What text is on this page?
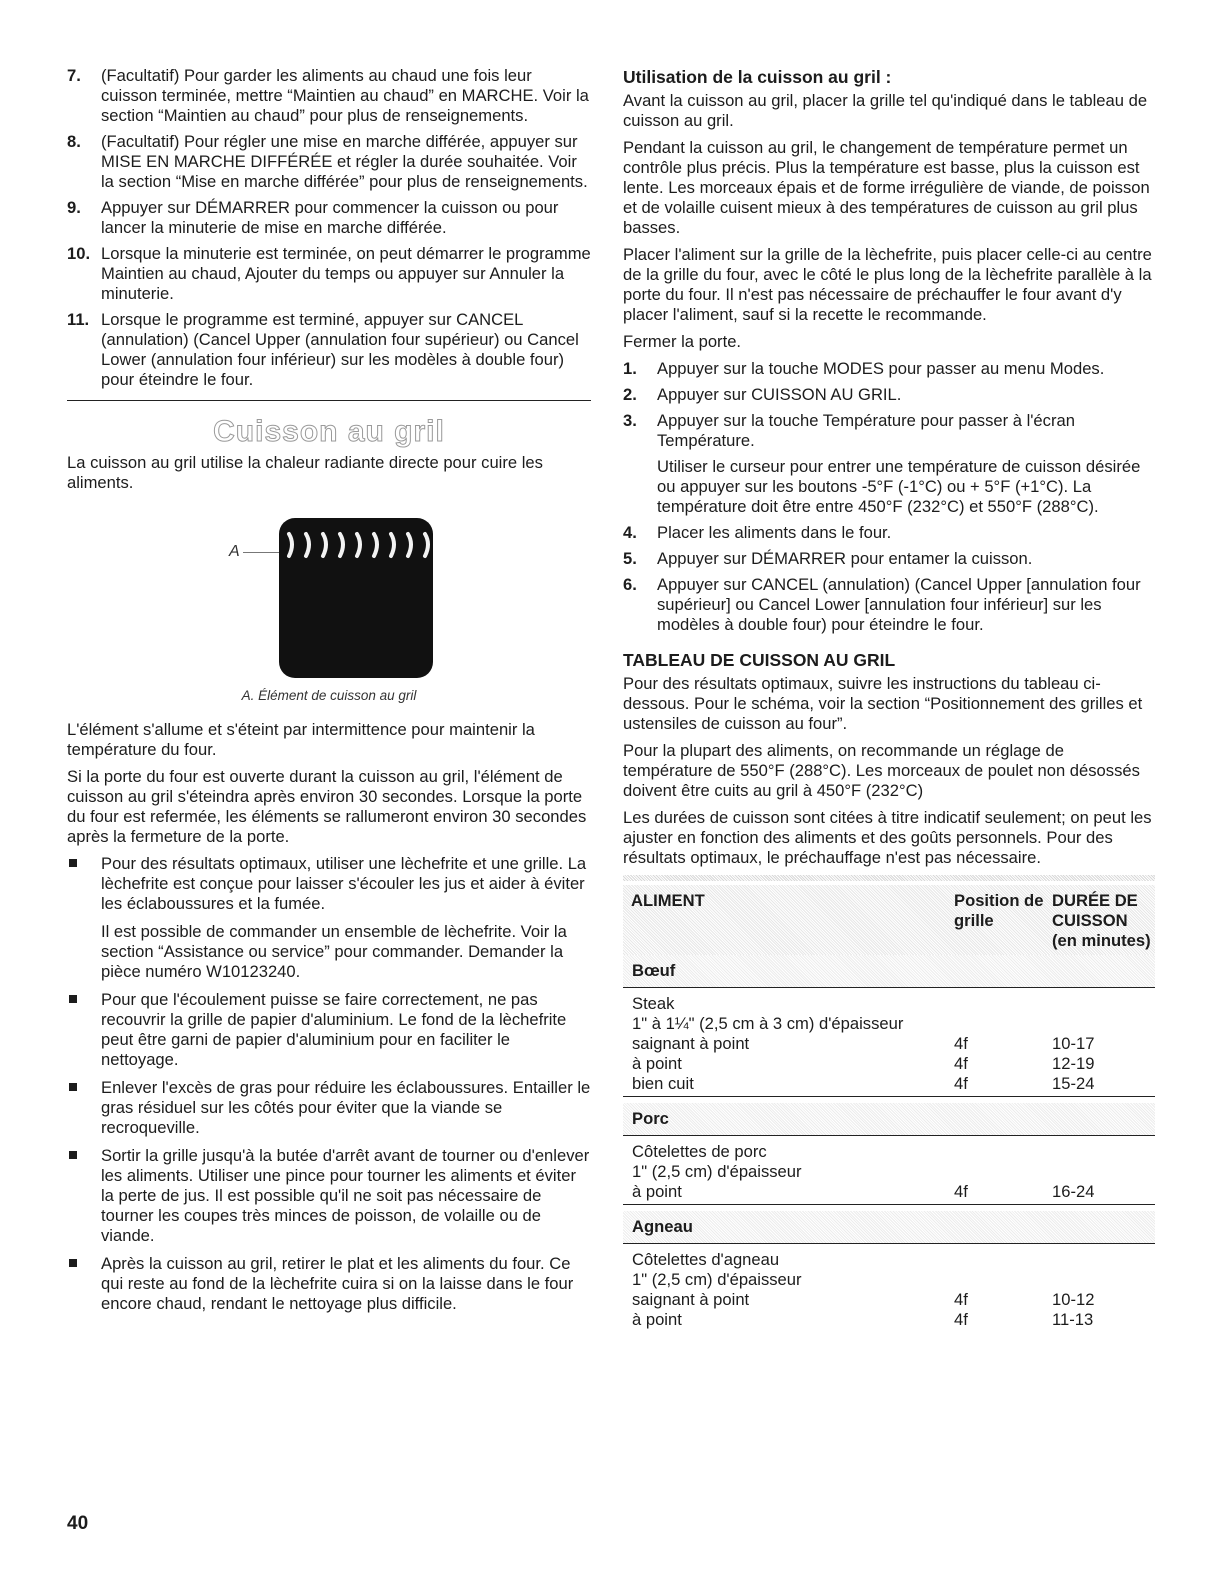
7. (Facultatif) Pour garder les aliments au chaud une fois leur cuisson terminée, mettre “Maintien au chaud” en MARCHE. Voir la section “Maintien au chaud” pour plus de renseignements.
8. (Facultatif) Pour régler une mise en marche différée, appuyer sur MISE EN MARCHE DIFFÉRÉE et régler la durée souhaitée. Voir la section “Mise en marche différée” pour plus de renseignements.
9. Appuyer sur DÉMARRER pour commencer la cuisson ou pour lancer la minuterie de mise en marche différée.
10. Lorsque la minuterie est terminée, on peut démarrer le programme Maintien au chaud, Ajouter du temps ou appuyer sur Annuler la minuterie.
11. Lorsque le programme est terminé, appuyer sur CANCEL (annulation) (Cancel Upper (annulation four supérieur) ou Cancel Lower (annulation four inférieur) sur les modèles à double four) pour éteindre le four.
Cuisson au gril

La cuisson au gril utilise la chaleur radiante directe pour cuire les aliments.

A
A. Élément de cuisson au gril

L'élément s'allume et s'éteint par intermittence pour maintenir la température du four.

Si la porte du four est ouverte durant la cuisson au gril, l'élément de cuisson au gril s'éteindra après environ 30 secondes. Lorsque la porte du four est refermée, les éléments se rallumeront environ 30 secondes après la fermeture de la porte.

Pour des résultats optimaux, utiliser une lèchefrite et une grille. La lèchefrite est conçue pour laisser s'écouler les jus et aider à éviter les éclaboussures et la fumée.
Il est possible de commander un ensemble de lèchefrite. Voir la section “Assistance ou service” pour commander. Demander la pièce numéro W10123240.
Pour que l'écoulement puisse se faire correctement, ne pas recouvrir la grille de papier d'aluminium. Le fond de la lèchefrite peut être garni de papier d'aluminium pour en faciliter le nettoyage.
Enlever l'excès de gras pour réduire les éclaboussures. Entailler le gras résiduel sur les côtés pour éviter que la viande se recroqueville.
Sortir la grille jusqu'à la butée d'arrêt avant de tourner ou d'enlever les aliments. Utiliser une pince pour tourner les aliments et éviter la perte de jus. Il est possible qu'il ne soit pas nécessaire de tourner les coupes très minces de poisson, de volaille ou de viande.
Après la cuisson au gril, retirer le plat et les aliments du four. Ce qui reste au fond de la lèchefrite cuira si on la laisse dans le four encore chaud, rendant le nettoyage plus difficile.
Utilisation de la cuisson au gril :

Avant la cuisson au gril, placer la grille tel qu'indiqué dans le tableau de cuisson au gril.

Pendant la cuisson au gril, le changement de température permet un contrôle plus précis. Plus la température est basse, plus la cuisson est lente. Les morceaux épais et de forme irrégulière de viande, de poisson et de volaille cuisent mieux à des températures de cuisson au gril plus basses.

Placer l'aliment sur la grille de la lèchefrite, puis placer celle-ci au centre de la grille du four, avec le côté le plus long de la lèchefrite parallèle à la porte du four. Il n'est pas nécessaire de préchauffer le four avant d'y placer l'aliment, sauf si la recette le recommande.

Fermer la porte.

1. Appuyer sur la touche MODES pour passer au menu Modes.
2. Appuyer sur CUISSON AU GRIL.
3. Appuyer sur la touche Température pour passer à l'écran Température.
Utiliser le curseur pour entrer une température de cuisson désirée ou appuyer sur les boutons -5°F (-1°C) ou + 5°F (+1°C). La température doit être entre 450°F (232°C) et 550°F (288°C).
4. Placer les aliments dans le four.
5. Appuyer sur DÉMARRER pour entamer la cuisson.
6. Appuyer sur CANCEL (annulation) (Cancel Upper [annulation four supérieur] ou Cancel Lower [annulation four inférieur] sur les modèles à double four) pour éteindre le four.
TABLEAU DE CUISSON AU GRIL

Pour des résultats optimaux, suivre les instructions du tableau ci-dessous. Pour le schéma, voir la section “Positionnement des grilles et ustensiles de cuisson au four”.

Pour la plupart des aliments, on recommande un réglage de température de 550°F (288°C). Les morceaux de poulet non désossés doivent être cuits au gril à 450°F (232°C)

Les durées de cuisson sont citées à titre indicatif seulement; on peut les ajuster en fonction des aliments et des goûts personnels. Pour des résultats optimaux, le préchauffage n'est pas nécessaire.

ALIMENT	Position de grille	DURÉE DE CUISSON (en minutes)
Bœuf		

Steak		
1" à 1¼" (2,5 cm à 3 cm) d'épaisseur		
saignant à point	4f	10-17
à point	4f	12-19
bien cuit	4f	15-24

Porc		

Côtelettes de porc		
1" (2,5 cm) d'épaisseur		
à point	4f	16-24

Agneau		

Côtelettes d'agneau		
1" (2,5 cm) d'épaisseur		
saignant à point	4f	10-12
à point	4f	11-13
40
